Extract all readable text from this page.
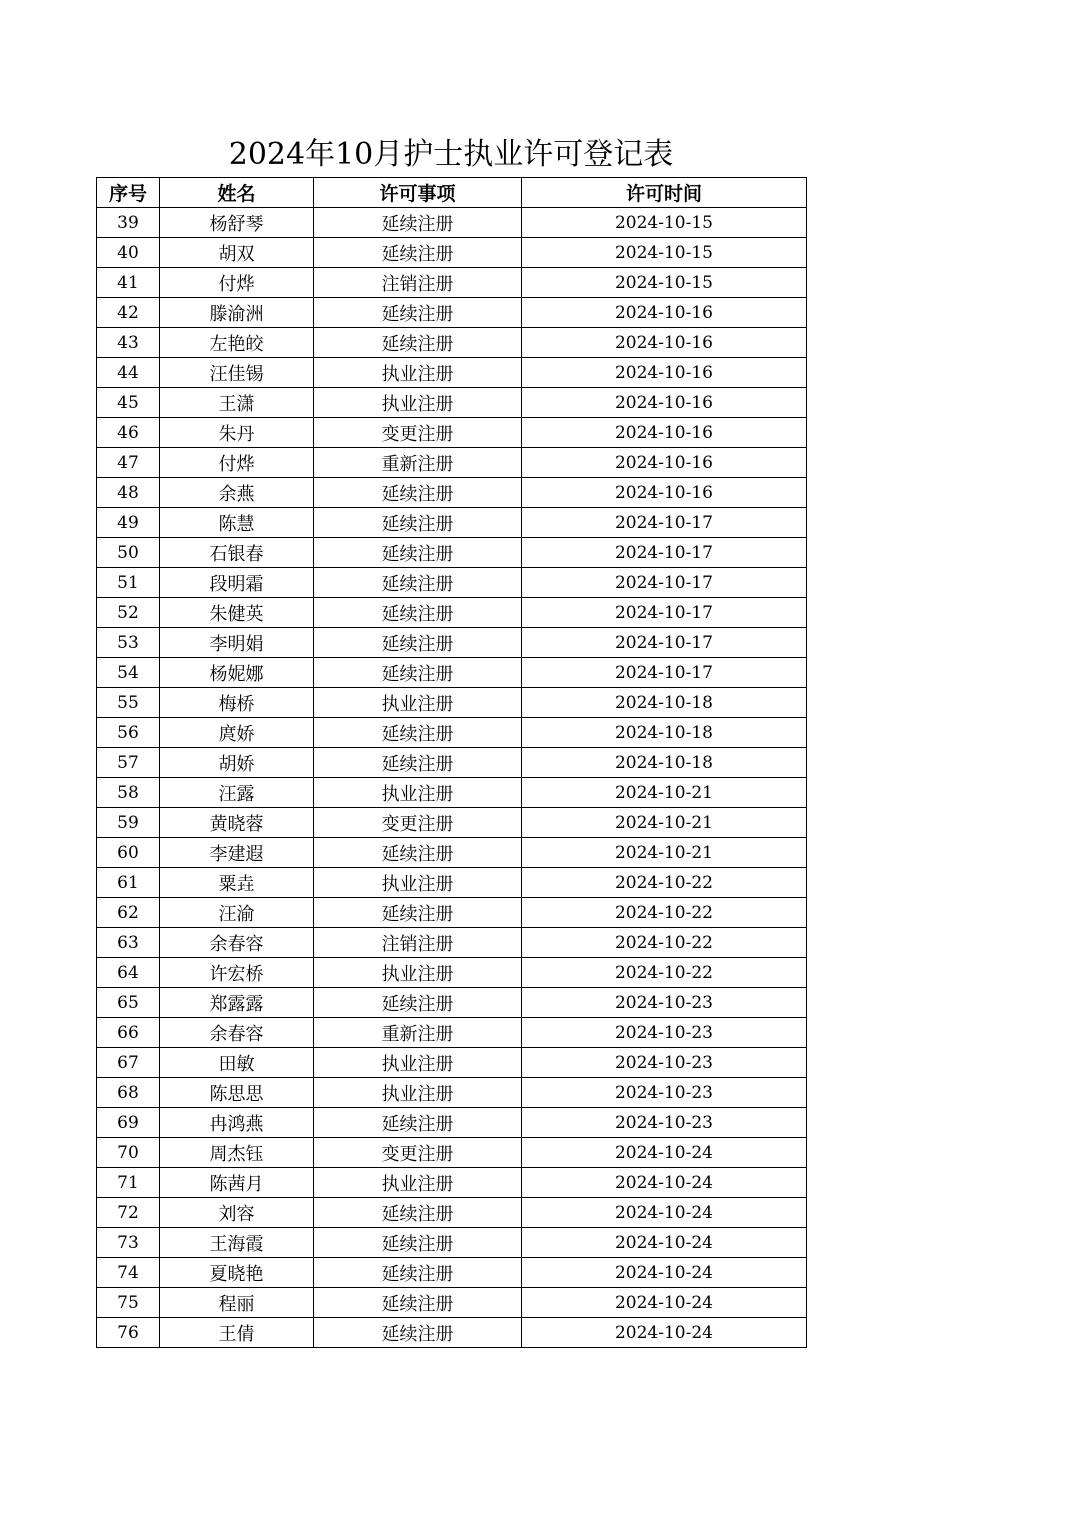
2024年10月护士执业许可登记表
序号	姓名	许可事项	许可时间
39	杨舒琴	延续注册	2024-10-15
40	胡双	延续注册	2024-10-15
41	付烨	注销注册	2024-10-15
42	滕渝洲	延续注册	2024-10-16
43	左艳皎	延续注册	2024-10-16
44	汪佳锡	执业注册	2024-10-16
45	王潇	执业注册	2024-10-16
46	朱丹	变更注册	2024-10-16
47	付烨	重新注册	2024-10-16
48	余燕	延续注册	2024-10-16
49	陈慧	延续注册	2024-10-17
50	石银春	延续注册	2024-10-17
51	段明霜	延续注册	2024-10-17
52	朱健英	延续注册	2024-10-17
53	李明娟	延续注册	2024-10-17
54	杨妮娜	延续注册	2024-10-17
55	梅桥	执业注册	2024-10-18
56	庹娇	延续注册	2024-10-18
57	胡娇	延续注册	2024-10-18
58	汪露	执业注册	2024-10-21
59	黄晓蓉	变更注册	2024-10-21
60	李建遐	延续注册	2024-10-21
61	粟垚	执业注册	2024-10-22
62	汪渝	延续注册	2024-10-22
63	余春容	注销注册	2024-10-22
64	许宏桥	执业注册	2024-10-22
65	郑露露	延续注册	2024-10-23
66	余春容	重新注册	2024-10-23
67	田敏	执业注册	2024-10-23
68	陈思思	执业注册	2024-10-23
69	冉鸿燕	延续注册	2024-10-23
70	周杰钰	变更注册	2024-10-24
71	陈茜月	执业注册	2024-10-24
72	刘容	延续注册	2024-10-24
73	王海霞	延续注册	2024-10-24
74	夏晓艳	延续注册	2024-10-24
75	程丽	延续注册	2024-10-24
76	王倩	延续注册	2024-10-24
